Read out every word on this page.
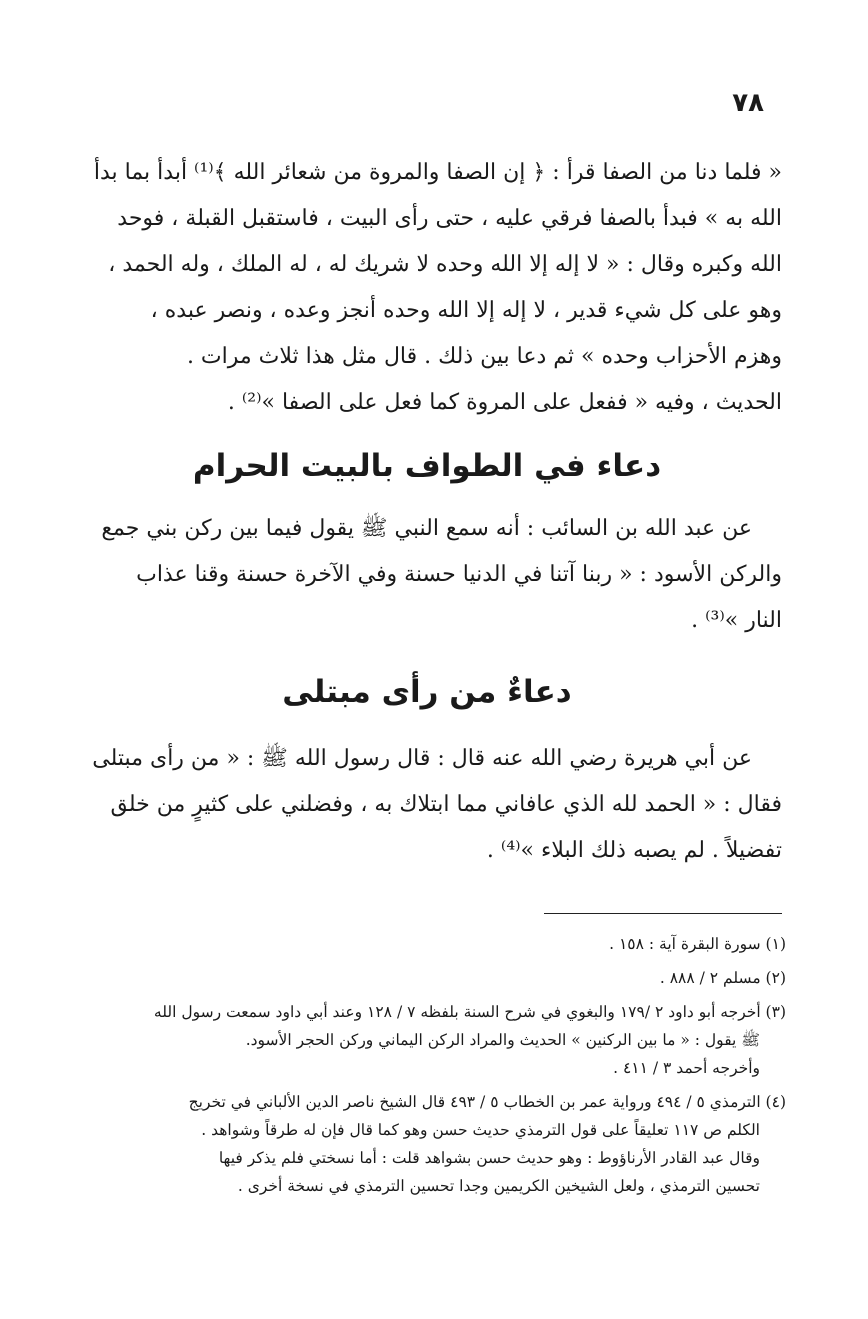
٧٨

« فلما دنا من الصفا قرأ : ﴿ إن الصفا والمروة من شعائر الله ﴾⁽¹⁾ أبدأ بما بدأ

الله به » فبدأ بالصفا فرقي عليه ، حتى رأى البيت ، فاستقبل القبلة ، فوحد

الله وكبره وقال : « لا إله إلا الله وحده لا شريك له ، له الملك ، وله الحمد ،

وهو على كل شيء قدير ، لا إله إلا الله وحده أنجز وعده ، ونصر عبده ،

وهزم الأحزاب وحده » ثم دعا بين ذلك . قال مثل هذا ثلاث مرات .

الحديث ، وفيه « ففعل على المروة كما فعل على الصفا »⁽²⁾ .

دعاء في الطواف بالبيت الحرام

عن عبد الله بن السائب : أنه سمع النبي ﷺ يقول فيما بين ركن بني جمع

والركن الأسود : « ربنا آتنا في الدنيا حسنة وفي الآخرة حسنة وقنا عذاب

النار »⁽³⁾ .

دعاءٌ من رأى مبتلى

عن أبي هريرة رضي الله عنه قال : قال رسول الله ﷺ : « من رأى مبتلى

فقال : « الحمد لله الذي عافاني مما ابتلاك به ، وفضلني على كثيرٍ من خلق

تفضيلاً . لم يصبه ذلك البلاء »⁽⁴⁾ .

(١) سورة البقرة آية : ١٥٨ .

(٢) مسلم ٢ / ٨٨٨ .

(٣) أخرجه أبو داود ٢ /١٧٩ والبغوي في شرح السنة بلفظه ٧ / ١٢٨ وعند أبي داود سمعت رسول الله
ﷺ يقول : « ما بين الركنين » الحديث والمراد الركن اليماني وركن الحجر الأسود.
وأخرجه أحمد ٣ / ٤١١ .

(٤) الترمذي ٥ / ٤٩٤ ورواية عمر بن الخطاب ٥ / ٤٩٣ قال الشيخ ناصر الدين الألباني في تخريج
الكلم ص ١١٧ تعليقاً على قول الترمذي حديث حسن وهو كما قال فإن له طرقاً وشواهد .
وقال عبد القادر الأرناؤوط : وهو حديث حسن بشواهد قلت : أما نسختي فلم يذكر فيها
تحسين الترمذي ، ولعل الشيخين الكريمين وجدا تحسين الترمذي في نسخة أخرى .
